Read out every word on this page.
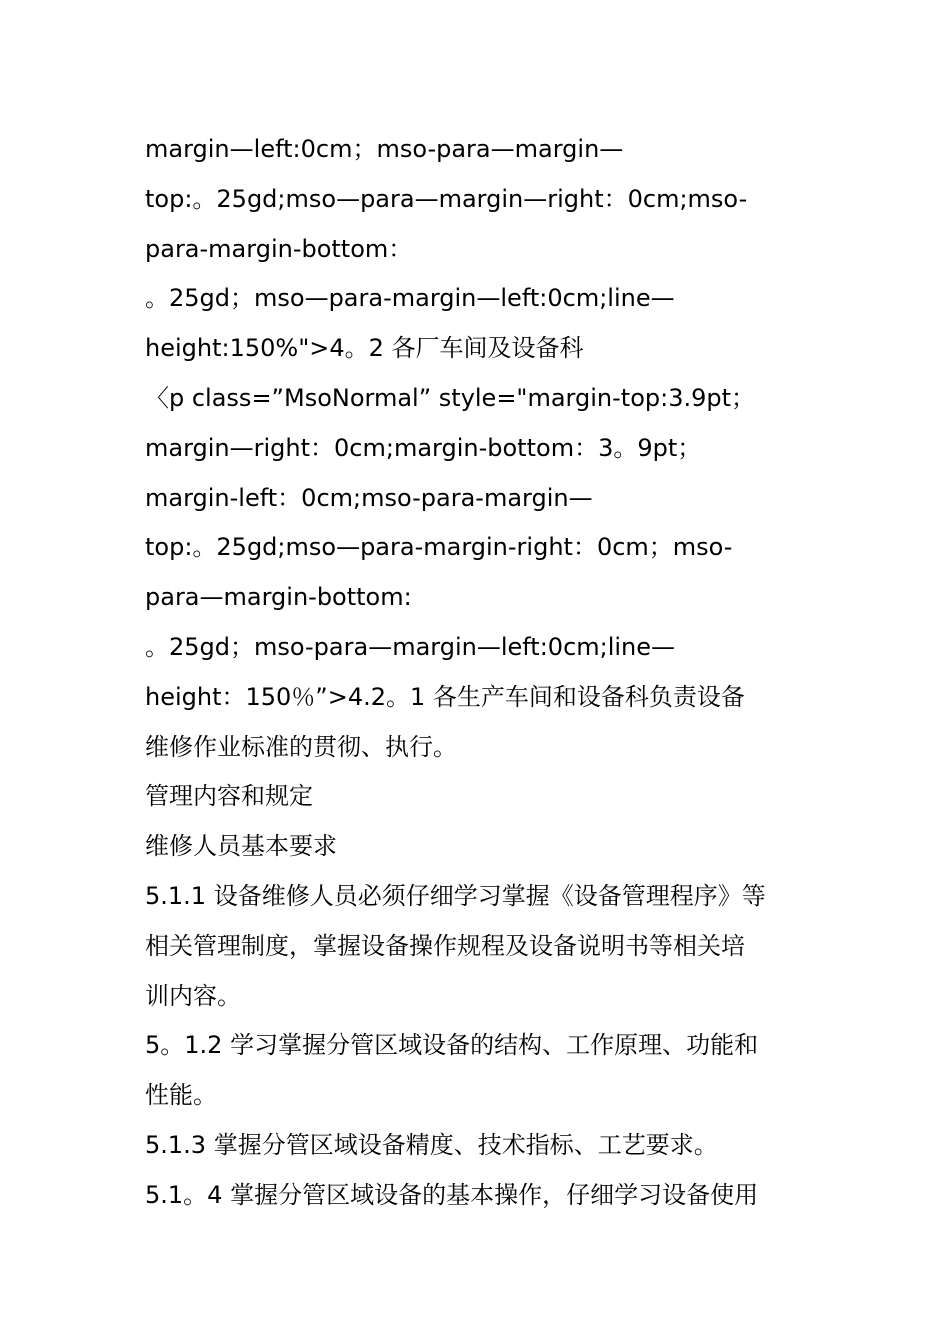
margin—left:0cm；mso-para—margin—
top:。25gd;mso—para—margin—right：0cm;mso-
para-margin-bottom：
。25gd；mso—para-margin—left:0cm;line—
height:150%">4。2 各厂车间及设备科
〈p class=”MsoNormal” style="margin-top:3.9pt；
margin—right：0cm;margin-bottom：3。9pt；
margin-left：0cm;mso-para-margin—
top:。25gd;mso—para-margin-right：0cm；mso-
para—margin-bottom:
。25gd；mso-para—margin—left:0cm;line—
height：150％”>4.2。1 各生产车间和设备科负责设备
维修作业标准的贯彻、执行。
管理内容和规定
维修人员基本要求
5.1.1 设备维修人员必须仔细学习掌握《设备管理程序》等
相关管理制度，掌握设备操作规程及设备说明书等相关培
训内容。
5。1.2 学习掌握分管区域设备的结构、工作原理、功能和
性能。
5.1.3 掌握分管区域设备精度、技术指标、工艺要求。
5.1。4 掌握分管区域设备的基本操作，仔细学习设备使用
